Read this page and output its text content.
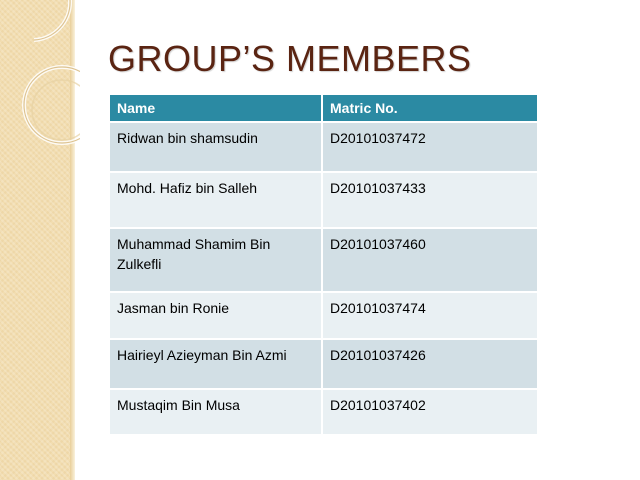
GROUP’S MEMBERS
Name	Matric No.
Ridwan bin shamsudin	D20101037472
Mohd. Hafiz bin Salleh	D20101037433
Muhammad Shamim Bin Zulkefli	D20101037460
Jasman bin Ronie	D20101037474
Hairieyl Azieyman Bin Azmi	D20101037426
Mustaqim Bin Musa	D20101037402
